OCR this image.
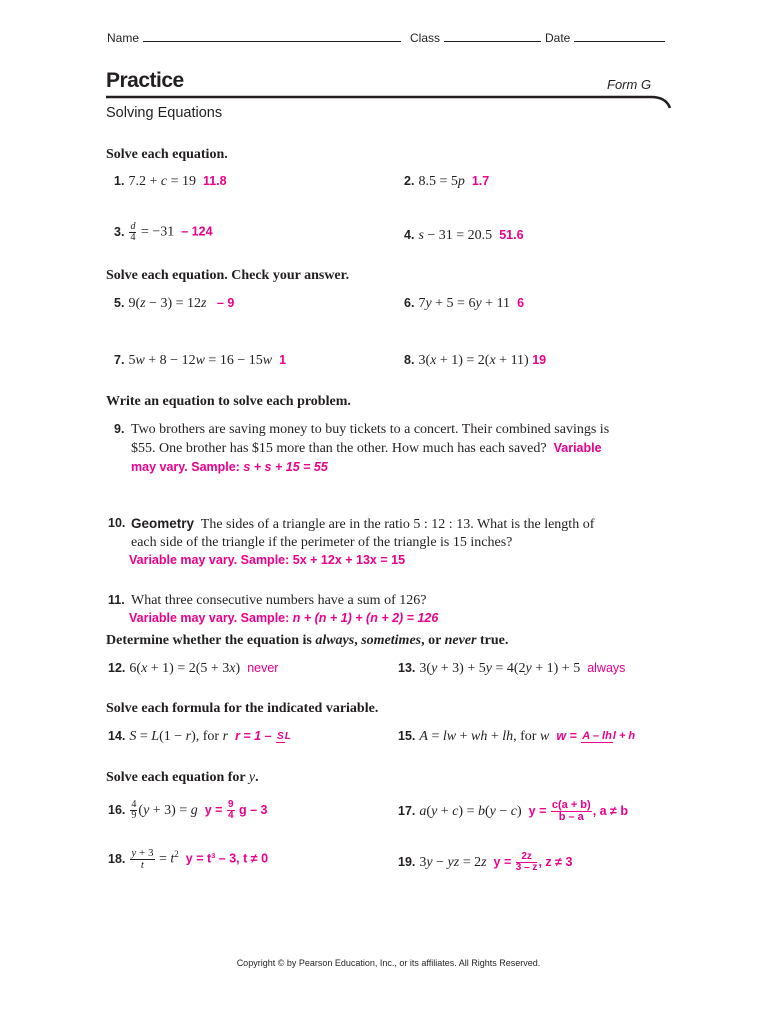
Name	Class	Date
Practice	Form G
Solving Equations
Solve each equation.
1. 7.2 + c = 19 11.8	2. 8.5 = 5p 1.7
3. $\frac{d}{4} = -31 - 124$	4. s − 31 = 20.5 51.6
Solve each equation. Check your answer.
5. 9(z − 3) = 12z – 9	6. 7y + 5 = 6y + 11 6
7. 5w + 8 − 12w = 16 − 15w 1	8. 3(x + 1) = 2(x + 11) 19
Write an equation to solve each problem.
9. Two brothers are saving money to buy tickets to a concert. Their combined savings is $55. One brother has $15 more than the other. How much has each saved? Variable may vary. Sample: s + s + 15 = 55
10. Geometry The sides of a triangle are in the ratio 5 : 12 : 13. What is the length of each side of the triangle if the perimeter of the triangle is 15 inches?
Variable may vary. Sample: 5x + 12x + 13x = 15
11. What three consecutive numbers have a sum of 126?
Variable may vary. Sample: n + (n + 1) + (n + 2) = 126
Determine whether the equation is always, sometimes, or never true.
12. 6(x + 1) = 2(5 + 3x) never	13. 3(y + 3) + 5y = 4(2y + 1) + 5 always
Solve each formula for the indicated variable.
14. S = L(1 − r), for r r = 1 – SL	15. A = lw + wh + lh, for w w = A – lhl + h
Solve each equation for y.
16. $\frac{4}{9} (y + 3) = g$ $y = \frac{9}{4}$ g – 3	17. a(y + c) = b(y − c) $y = \frac{c(a + b)}{b - a}$ , a ≠ b
18. $\frac{y + 3}{t} = t^2$ y = t³ – 3, t ≠ 0	19. 3y − yz = 2z $y = \frac{2z}{3 - z}$ , z ≠ 3
Copyright © by Pearson Education, Inc., or its affiliates. All Rights Reserved.
